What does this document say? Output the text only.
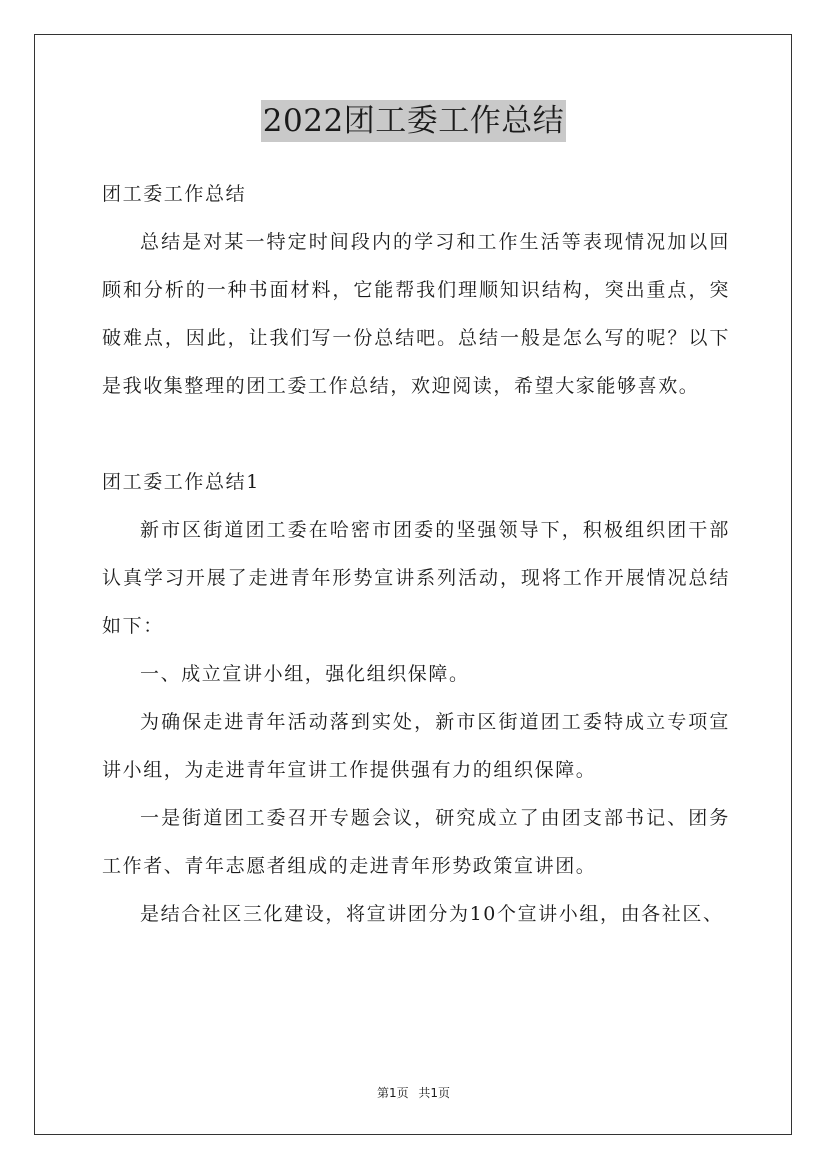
2022团工委工作总结

团工委工作总结

总结是对某一特定时间段内的学习和工作生活等表现情况加以回顾和分析的一种书面材料，它能帮我们理顺知识结构，突出重点，突破难点，因此，让我们写一份总结吧。总结一般是怎么写的呢？以下是我收集整理的团工委工作总结，欢迎阅读，希望大家能够喜欢。

团工委工作总结1

新市区街道团工委在哈密市团委的坚强领导下，积极组织团干部认真学习开展了走进青年形势宣讲系列活动，现将工作开展情况总结如下：

一、成立宣讲小组，强化组织保障。

为确保走进青年活动落到实处，新市区街道团工委特成立专项宣讲小组，为走进青年宣讲工作提供强有力的组织保障。

一是街道团工委召开专题会议，研究成立了由团支部书记、团务工作者、青年志愿者组成的走进青年形势政策宣讲团。

是结合社区三化建设，将宣讲团分为10个宣讲小组，由各社区、

第1页 共1页
